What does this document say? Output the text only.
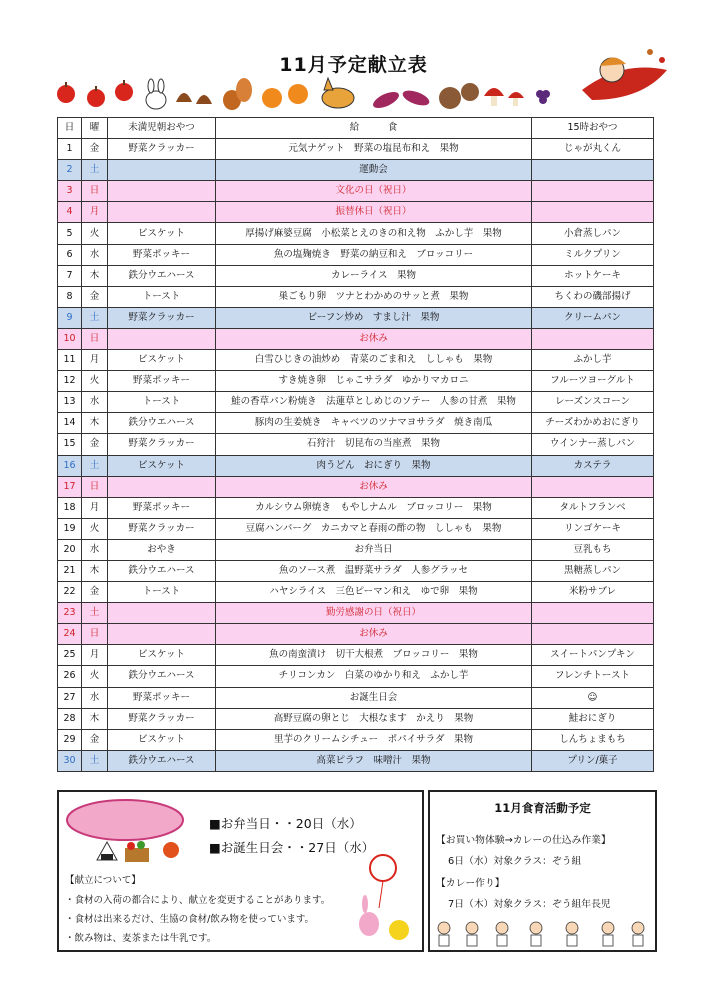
11月予定献立表
日	曜	未満児朝おやつ	給　　　食	15時おやつ
1	金	野菜クラッカー	元気ナゲット　野菜の塩昆布和え　果物	じゃが丸くん
2	土		運動会	
3	日		文化の日（祝日）	
4	月		振替休日（祝日）	
5	火	ビスケット	厚揚げ麻婆豆腐　小松菜とえのきの和え物　ふかし芋　果物	小倉蒸しパン
6	水	野菜ポッキー	魚の塩麹焼き　野菜の納豆和え　ブロッコリー	ミルクプリン
7	木	鉄分ウエハース	カレーライス　果物	ホットケーキ
8	金	トースト	巣ごもり卵　ツナとわかめのサッと煮　果物	ちくわの磯部揚げ
9	土	野菜クラッカー	ビーフン炒め　すまし汁　果物	クリームパン
10	日		お休み	
11	月	ビスケット	白雪ひじきの油炒め　青菜のごま和え　ししゃも　果物	ふかし芋
12	火	野菜ポッキー	すき焼き卵　じゃこサラダ　ゆかりマカロニ	フルーツヨーグルト
13	水	トースト	鮭の香草パン粉焼き　法蓮草としめじのソテー　人参の甘煮　果物	レーズンスコーン
14	木	鉄分ウエハース	豚肉の生姜焼き　キャベツのツナマヨサラダ　焼き南瓜	チーズわかめおにぎり
15	金	野菜クラッカー	石狩汁　切昆布の当座煮　果物	ウインナー蒸しパン
16	土	ビスケット	肉うどん　おにぎり　果物	カステラ
17	日		お休み	
18	月	野菜ポッキー	カルシウム卵焼き　もやしナムル　ブロッコリー　果物	タルトフランベ
19	火	野菜クラッカー	豆腐ハンバーグ　カニカマと春雨の酢の物　ししゃも　果物	リンゴケーキ
20	水	おやき	お弁当日	豆乳もち
21	木	鉄分ウエハース	魚のソース煮　温野菜サラダ　人参グラッセ	黒糖蒸しパン
22	金	トースト	ハヤシライス　三色ピーマン和え　ゆで卵　果物	米粉サブレ
23	土		勤労感謝の日（祝日）	
24	日		お休み	
25	月	ビスケット	魚の南蛮漬け　切干大根煮　ブロッコリー　果物	スイートパンプキン
26	火	鉄分ウエハース	チリコンカン　白菜のゆかり和え　ふかし芋	フレンチトースト
27	水	野菜ポッキー	お誕生日会	☺
28	木	野菜クラッカー	高野豆腐の卵とじ　大根なます　かえり　果物	鮭おにぎり
29	金	ビスケット	里芋のクリームシチュー　ポパイサラダ　果物	しんちょまもち
30	土	鉄分ウエハース	高菜ピラフ　味噌汁　果物	プリン/菓子
■お弁当日・・20日（水）
■お誕生日会・・27日（水）
【献立について】
・食材の入荷の都合により、献立を変更することがあります。
・食材は出来るだけ、生協の食材/飲み物を使っています。
・飲み物は、麦茶または牛乳です。
11月食育活動予定
【お買い物体験→カレーの仕込み作業】
6日（水）対象クラス：ぞう組
【カレー作り】
7日（木）対象クラス：ぞう組年長児
